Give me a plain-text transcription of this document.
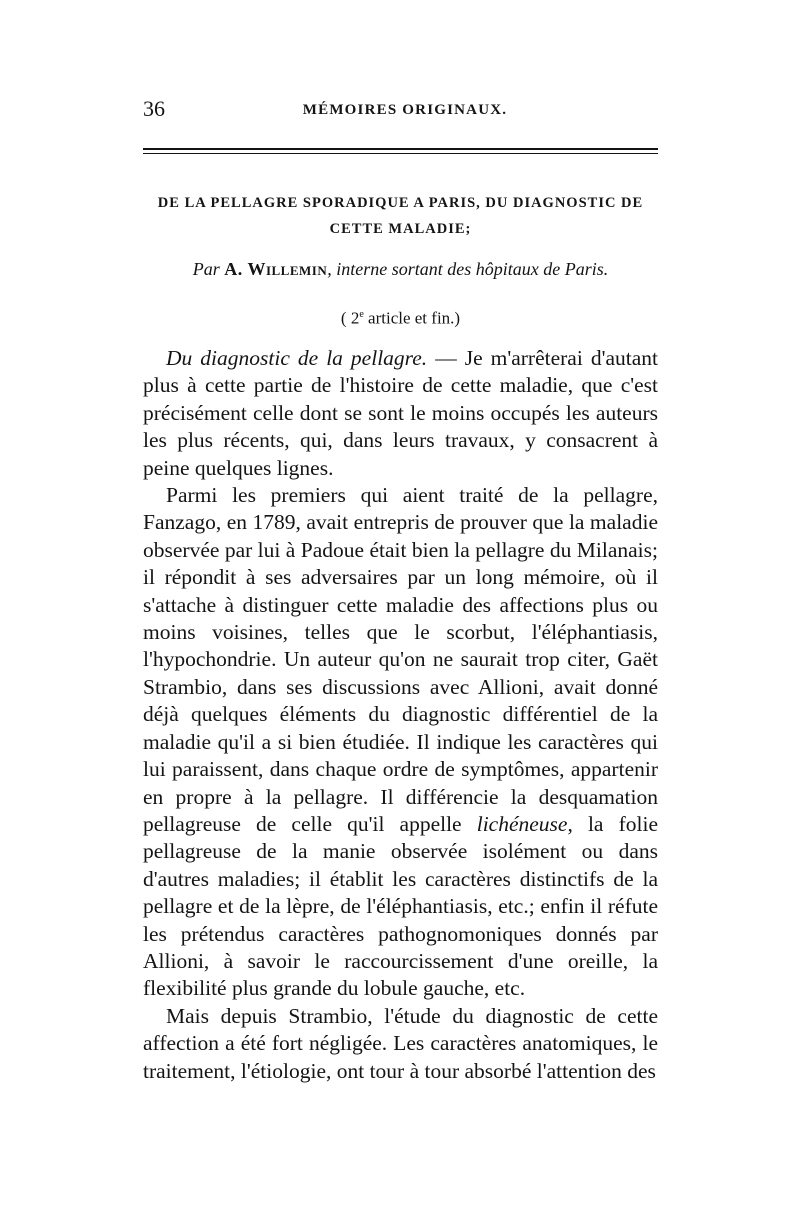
36	MÉMOIRES ORIGINAUX.
DE LA PELLAGRE SPORADIQUE A PARIS, DU DIAGNOSTIC DE CETTE MALADIE;
Par A. Willemin, interne sortant des hôpitaux de Paris.
( 2e article et fin.)

Du diagnostic de la pellagre. — Je m'arrêterai d'autant plus à cette partie de l'histoire de cette maladie, que c'est précisément celle dont se sont le moins occupés les auteurs les plus récents, qui, dans leurs travaux, y consacrent à peine quelques lignes.

Parmi les premiers qui aient traité de la pellagre, Fanzago, en 1789, avait entrepris de prouver que la maladie observée par lui à Padoue était bien la pellagre du Milanais; il répondit à ses adversaires par un long mémoire, où il s'attache à distinguer cette maladie des affections plus ou moins voisines, telles que le scorbut, l'éléphantiasis, l'hypochondrie. Un auteur qu'on ne saurait trop citer, Gaët Strambio, dans ses discussions avec Allioni, avait donné déjà quelques éléments du diagnostic différentiel de la maladie qu'il a si bien étudiée. Il indique les caractères qui lui paraissent, dans chaque ordre de symptômes, appartenir en propre à la pellagre. Il différencie la desquamation pellagreuse de celle qu'il appelle lichéneuse, la folie pellagreuse de la manie observée isolément ou dans d'autres maladies; il établit les caractères distinctifs de la pellagre et de la lèpre, de l'éléphantiasis, etc.; enfin il réfute les prétendus caractères pathognomoniques donnés par Allioni, à savoir le raccourcissement d'une oreille, la flexibilité plus grande du lobule gauche, etc.

Mais depuis Strambio, l'étude du diagnostic de cette affection a été fort négligée. Les caractères anatomiques, le traitement, l'étiologie, ont tour à tour absorbé l'attention des
